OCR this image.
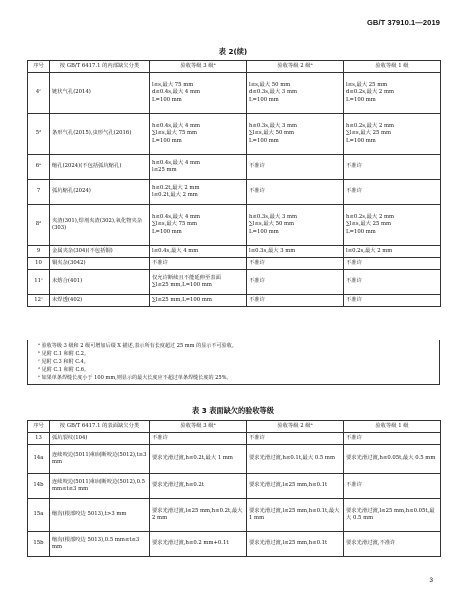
GB/T 37910.1—2019
表 2(续)
序号	按 GB/T 6417.1 的内部缺欠分类	验收等级 3 级ᵃ	验收等级 2 级ᵃ	验收等级 1 级
4ᶜ	链状气孔(2014)	l≤s,最大 75 mm
d≤0.4s,最大 4 mm
L=100 mm	l≤s,最大 50 mm
d≤0.3s,最大 3 mm
L=100 mm	l≤s,最大 25 mm
d≤0.2s,最大 2 mm
L=100 mm

5ᵈ	条形气孔(2015),虫形气孔(2016)	h≤0.4s,最大 4 mm
∑l≤s,最大 75 mm
L=100 mm	h≤0.3s,最大 3 mm
∑l≤s,最大 50 mm
L=100 mm	h≤0.2s,最大 2 mm
∑l≤s,最大 25 mm
L=100 mm

6ᵉ	缩孔(2024)(不包括弧坑缩孔)	h≤0.4s,最大 4 mm
l≤25 mm	不准许	不准许
7	弧坑缩孔(2024)	h≤0.2t,最大 2 mm
l≤0.2t,最大 2 mm	不准许	不准许
8ᵈ	夹渣(301),焊剂夹渣(302),氧化物夹杂(303)	h≤0.4s,最大 4 mm
∑l≤s,最大 75 mm
L=100 mm	h≤0.3s,最大 3 mm
∑l≤s,最大 50 mm
L=100 mm	h≤0.2s,最大 2 mm
∑l≤s,最大 25 mm
L=100 mm

9	金属夹杂(304)(不包括铜)	l≤0.4s,最大 4 mm	l≤0.3s,最大 3 mm	l≤0.2s,最大 2 mm
10	铜夹杂(3042)	不准许	不准许	不准许
11ᶜ	未熔合(401)	仅允许断续且不能延伸至表面
∑l≤25 mm,L=100 mm	不准许	不准许
12ᶜ	未焊透(402)	∑l≤25 mm,L=100 mm	不准许	不准许
ᵃ 验收等级 3 级和 2 级可增加后缀 X 描述,表示所有长度超过 25 mm 的显示不可验收。
ᵇ 见附 C.1 和附 C.2。
ᶜ 见附 C.3 和附 C.4。
ᵈ 见附 C.1 和附 C.6。
ᵉ 如果单条焊缝长度小于 100 mm,则显示的最大长度应不超过单条焊缝长度的 25%。
表 3 表面缺欠的验收等级
序号	按 GB/T 6417.1 的表面缺欠分类	验收等级 3 级ᵃ	验收等级 2 级ᵃ	验收等级 1 级
13	弧坑裂纹(104)	不准许	不准许	不准许
14a	连续咬边(5011)和间断咬边(5012),t≥3 mm	要求光滑过渡,h≤0.2t,最大 1 mm	要求光滑过渡,h≤0.1t,最大 0.5 mm	要求光滑过渡,h≤0.05t,最大 0.5 mm
14b	连续咬边(5011)和间断咬边(5012),0.5 mm≤t≤3 mm	要求光滑过渡,h≤0.2t	要求光滑过渡,l≤25 mm,h≤0.1t	不准许
15a	缩沟(根部咬边 5013),t>3 mm	要求光滑过渡,l≤25 mm,h≤0.2t,最大 2 mm	要求光滑过渡,l≤25 mm,h≤0.1t,最大 1 mm	要求光滑过渡,l≤25 mm,h≤0.05t,最大 0.5 mm
15b	缩沟(根部咬边 5013),0.5 mm≤t≤3 mm	要求光滑过渡,h≤0.2 mm+0.1t	要求光滑过渡,l≤25 mm,h≤0.1t	要求光滑过渡,不准许
3
